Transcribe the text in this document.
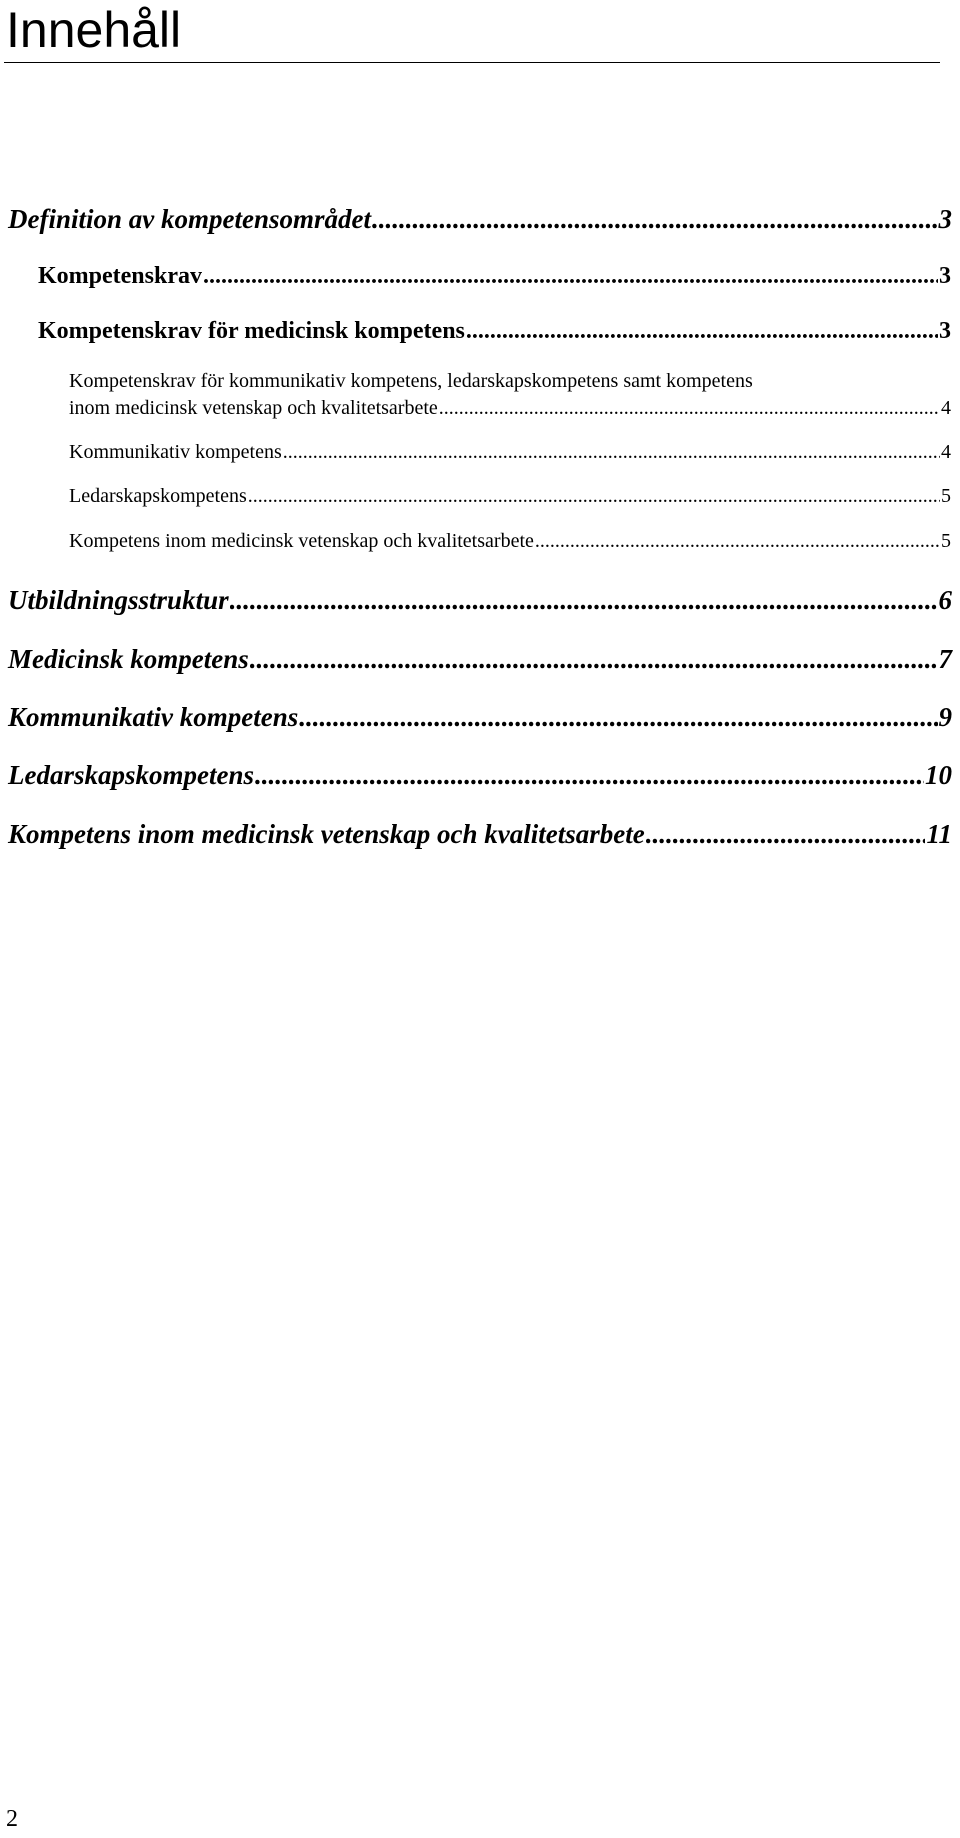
Innehåll
Definition av kompetensområdet .....	3
Kompetenskrav .....	3
Kompetenskrav för medicinsk kompetens .....	3
Kompetenskrav för kommunikativ kompetens, ledarskapskompetens samt kompetens
inom medicinsk vetenskap och kvalitetsarbete .....	4
Kommunikativ kompetens .....	4
Ledarskapskompetens .....	5
Kompetens inom medicinsk vetenskap och kvalitetsarbete .....	5
Utbildningsstruktur .....	6
Medicinsk kompetens .....	7
Kommunikativ kompetens .....	9
Ledarskapskompetens .....	10
Kompetens inom medicinsk vetenskap och kvalitetsarbete .....	11
2
